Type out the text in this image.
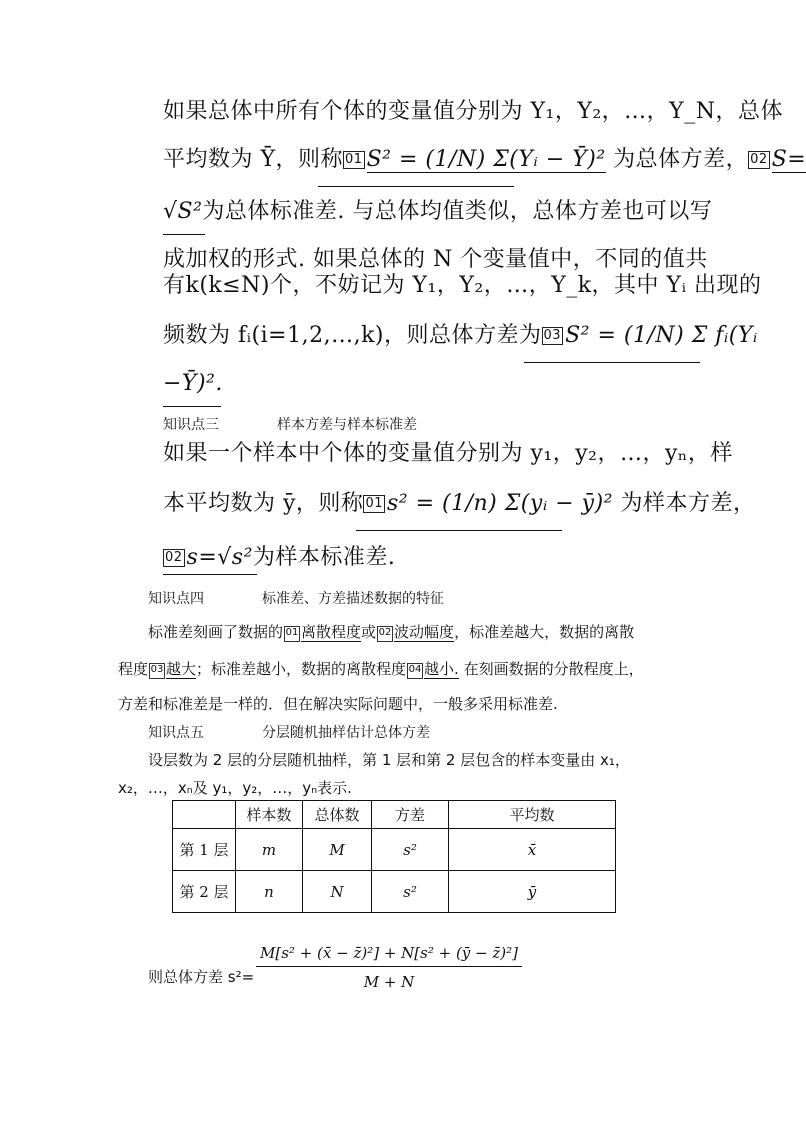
如果总体中所有个体的变量值分别为 Y₁，Y₂，…，Y_N，总体
平均数为 Ȳ，则称 01 S² = (1/N) Σ(Yᵢ − Ȳ)² 为总体方差， 02 S=
√S²为总体标准差. 与总体均值类似，总体方差也可以写
成加权的形式. 如果总体的 N 个变量值中，不同的值共
有k(k≤N)个，不妨记为 Y₁，Y₂，…，Y_k，其中 Yᵢ 出现的
频数为 fᵢ(i=1,2,…,k)，则总体方差为 03 S² = (1/N) Σ fᵢ(Yᵢ
−Ȳ)².
知识点三	样本方差与样本标准差
如果一个样本中个体的变量值分别为 y₁，y₂，…，yₙ，样
本平均数为 ȳ，则称 01 s² = (1/n) Σ(yᵢ − ȳ)² 为样本方差，
02 s=√s²为样本标准差.
知识点四	标准差、方差描述数据的特征
标准差刻画了数据的 01 离散程度或 02 波动幅度，标准差越大，数据的离散
程度 03 越大；标准差越小，数据的离散程度 04 越小. 在刻画数据的分散程度上，
方差和标准差是一样的．但在解决实际问题中，一般多采用标准差.
知识点五	分层随机抽样估计总体方差
设层数为 2 层的分层随机抽样，第 1 层和第 2 层包含的样本变量由 x₁，
x₂，…，xₙ及 y₁，y₂，…，yₙ表示.
	样本数	总体数	方差	平均数
第 1 层	m	M	s²	x̄
第 2 层	n	N	s²	ȳ
则总体方差 $s^2= \frac{\text{M[s² + (x̄ − z̄)²] + N[s² + (ȳ − z̄)²]}}{M + N}$
